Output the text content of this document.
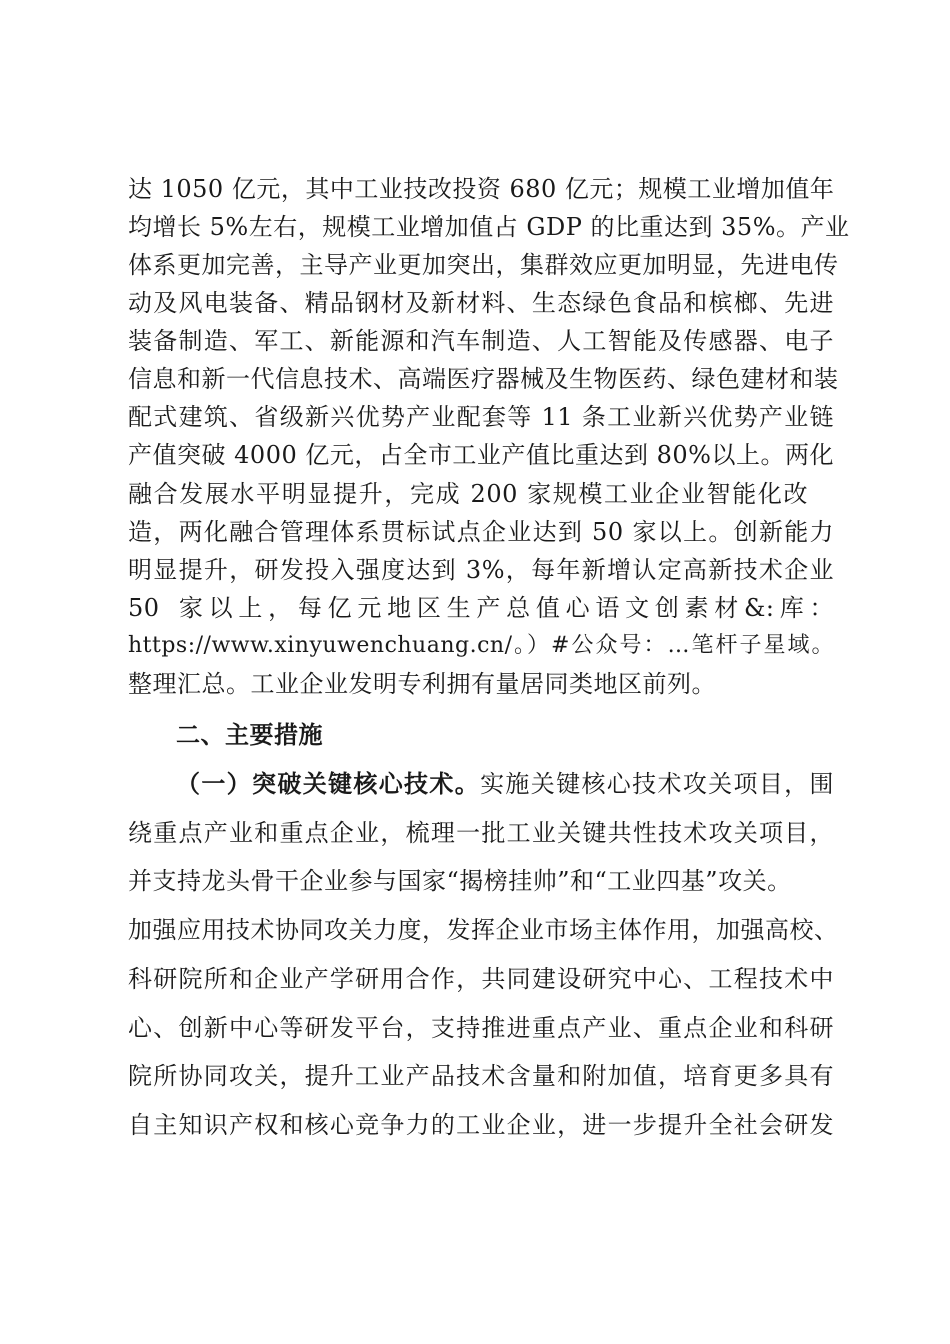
达 1050 亿元，其中工业技改投资 680 亿元；规模工业增加值年
均增长 5%左右，规模工业增加值占 GDP 的比重达到 35%。产业
体系更加完善，主导产业更加突出，集群效应更加明显，先进电传
动及风电装备、精品钢材及新材料、生态绿色食品和槟榔、先进
装备制造、军工、新能源和汽车制造、人工智能及传感器、电子
信息和新一代信息技术、高端医疗器械及生物医药、绿色建材和装
配式建筑、省级新兴优势产业配套等 11 条工业新兴优势产业链
产值突破 4000 亿元，占全市工业产值比重达到 80%以上。两化
融合发展水平明显提升，完成 200 家规模工业企业智能化改
造，两化融合管理体系贯标试点企业达到 50 家以上。创新能力
明显提升，研发投入强度达到 3%，每年新增认定高新技术企业
50 家以上，每亿元地区生产总值心语文创素材&:库：
https://www.xinyuwenchuang.cn/。）#公众号：…笔杆子星域。
整理汇总。工业企业发明专利拥有量居同类地区前列。
二、主要措施
（一）突破关键核心技术。实施关键核心技术攻关项目，围
绕重点产业和重点企业，梳理一批工业关键共性技术攻关项目，
并支持龙头骨干企业参与国家“揭榜挂帅”和“工业四基”攻关。
加强应用技术协同攻关力度，发挥企业市场主体作用，加强高校、
科研院所和企业产学研用合作，共同建设研究中心、工程技术中
心、创新中心等研发平台，支持推进重点产业、重点企业和科研
院所协同攻关，提升工业产品技术含量和附加值，培育更多具有
自主知识产权和核心竞争力的工业企业，进一步提升全社会研发
